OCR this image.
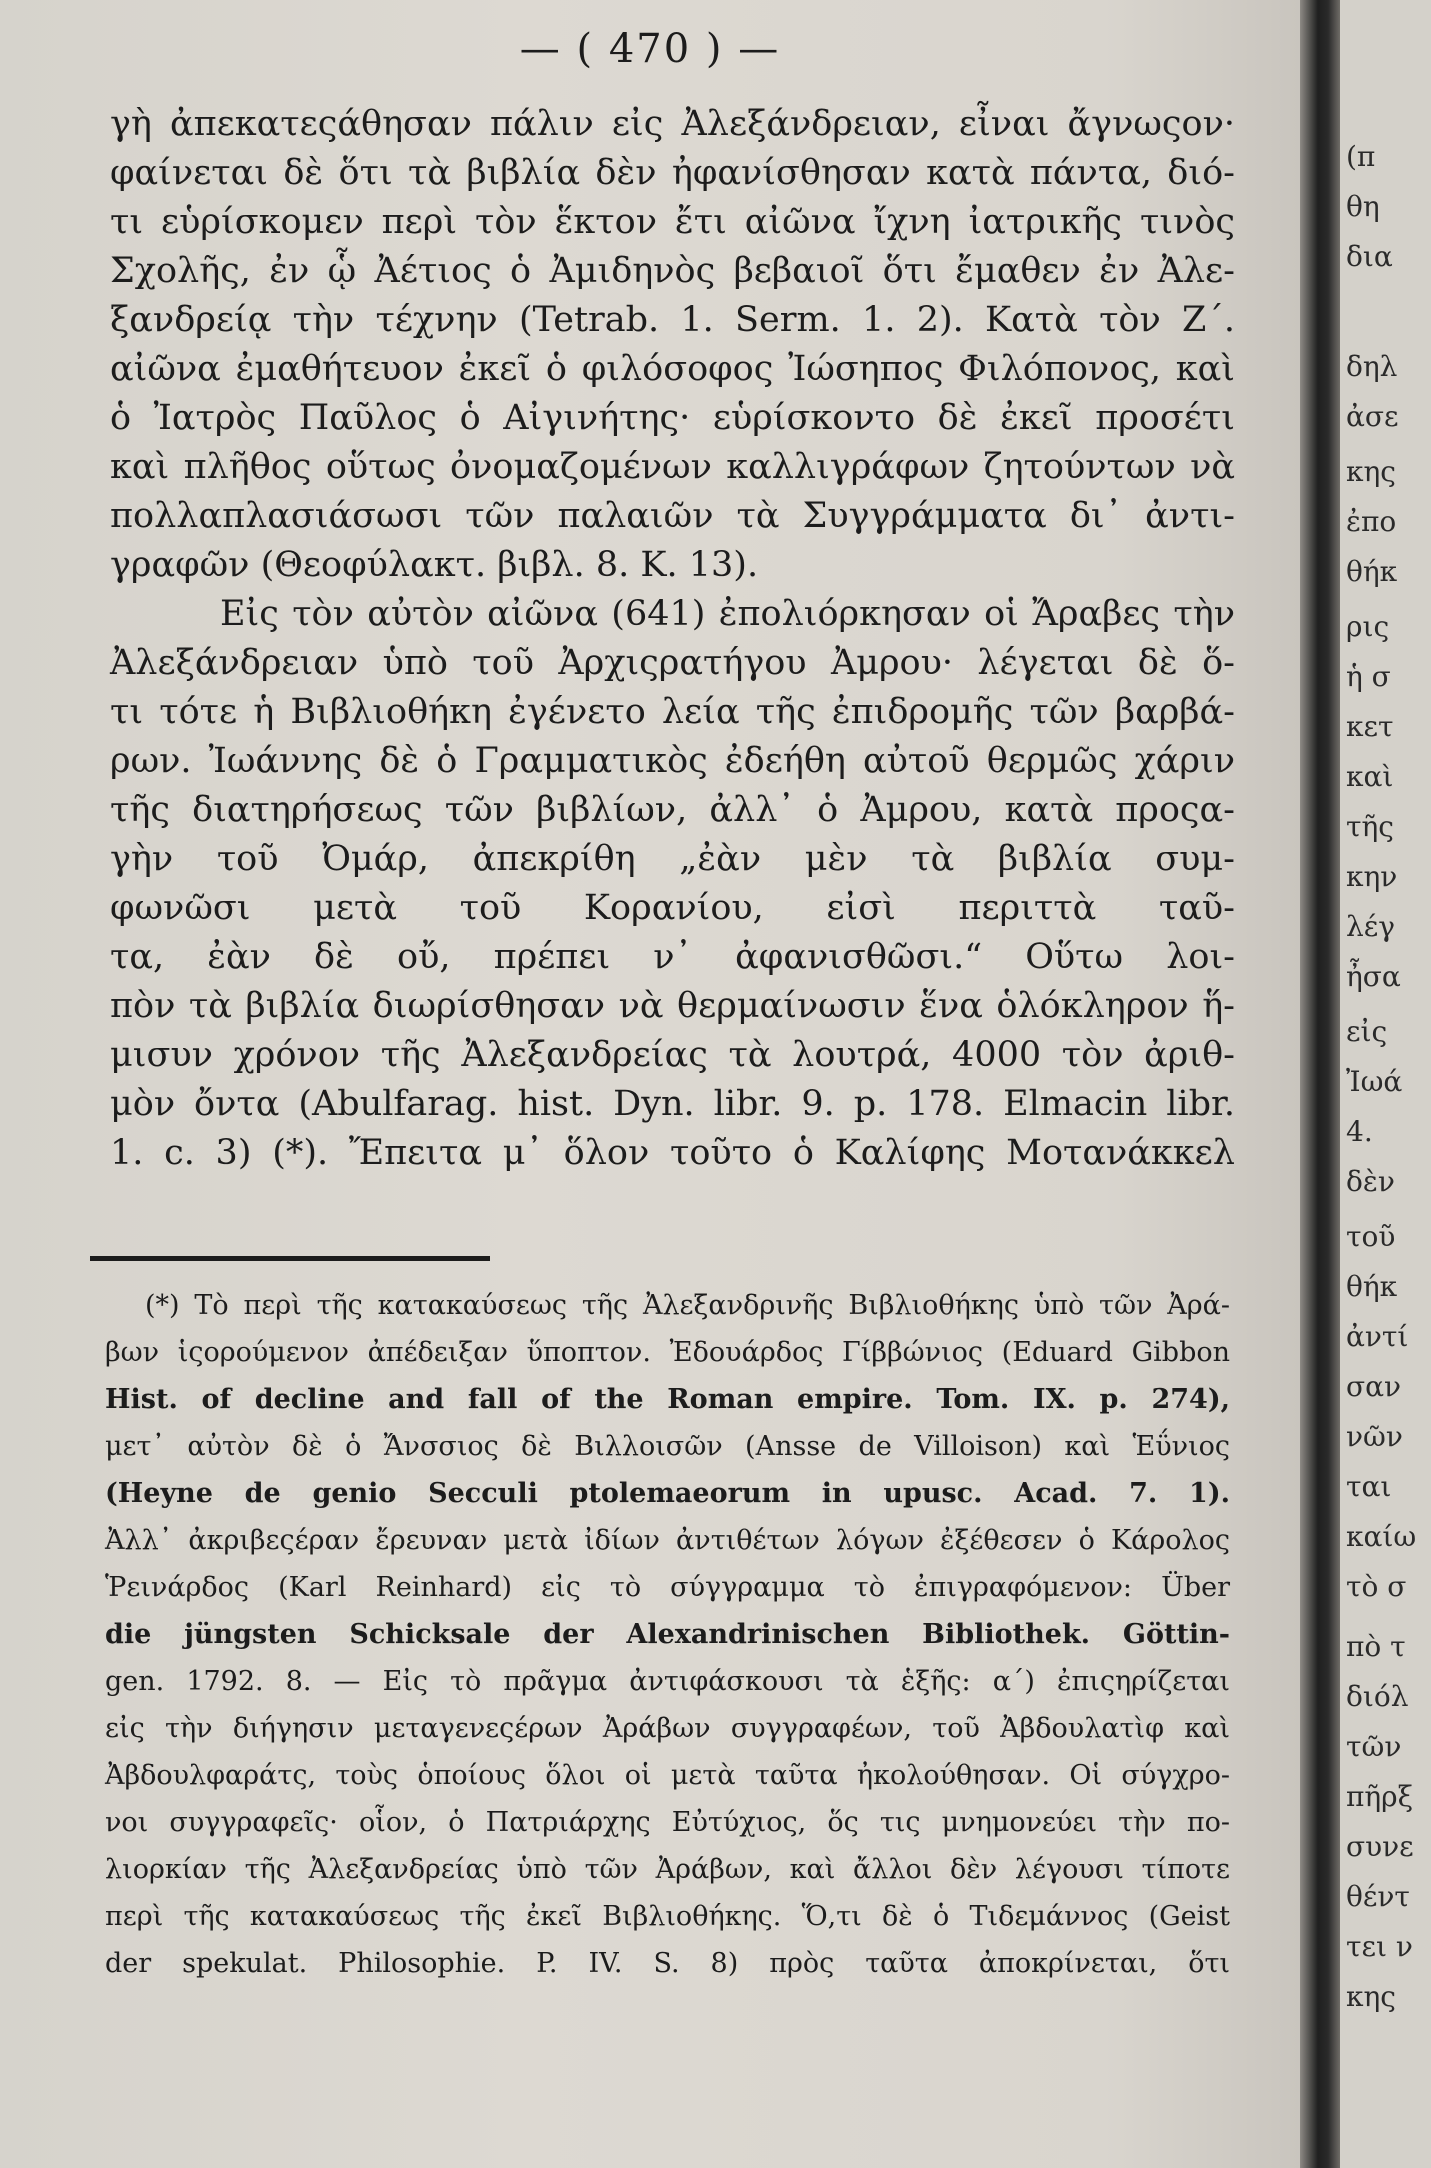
— ( 470 ) —
γὴ ἀπεκατεςάθησαν πάλιν εἰς Ἀλεξάνδρειαν, εἶναι ἄγνωςον·
φαίνεται δὲ ὅτι τὰ βιβλία δὲν ἠφανίσθησαν κατὰ πάντα, διό-
τι εὑρίσκομεν περὶ τὸν ἕκτον ἔτι αἰῶνα ἴχνη ἰατρικῆς τινὸς
Σχολῆς, ἐν ᾧ Ἀέτιος ὁ Ἀμιδηνὸς βεβαιοῖ ὅτι ἔμαθεν ἐν Ἀλε-
ξανδρείᾳ τὴν τέχνην (Tetrab. 1. Serm. 1. 2). Κατὰ τὸν Ζ´.
αἰῶνα ἐμαθήτευον ἐκεῖ ὁ φιλόσοφος Ἰώσηπος Φιλόπονος, καὶ
ὁ Ἰατρὸς Παῦλος ὁ Αἰγινήτης· εὑρίσκοντο δὲ ἐκεῖ προσέτι
καὶ πλῆθος οὕτως ὀνομαζομένων καλλιγράφων ζητούντων νὰ
πολλαπλασιάσωσι τῶν παλαιῶν τὰ Συγγράμματα δι᾽ ἀντι-
γραφῶν (Θεοφύλακτ. βιβλ. 8. Κ. 13).
Εἰς τὸν αὐτὸν αἰῶνα (641) ἐπολιόρκησαν οἱ Ἄραβες τὴν
Ἀλεξάνδρειαν ὑπὸ τοῦ Ἀρχιςρατήγου Ἀμρου· λέγεται δὲ ὅ-
τι τότε ἡ Βιβλιοθήκη ἐγένετο λεία τῆς ἐπιδρομῆς τῶν βαρβά-
ρων. Ἰωάννης δὲ ὁ Γραμματικὸς ἐδεήθη αὐτοῦ θερμῶς χάριν
τῆς διατηρήσεως τῶν βιβλίων, ἀλλ᾽ ὁ Ἀμρου, κατὰ προςα-
γὴν τοῦ Ὀμάρ, ἀπεκρίθη „ἐὰν μὲν τὰ βιβλία συμ-
φωνῶσι μετὰ τοῦ Κορανίου, εἰσὶ περιττὰ ταῦ-
τα, ἐὰν δὲ οὔ, πρέπει ν᾽ ἀφανισθῶσι.“ Οὕτω λοι-
πὸν τὰ βιβλία διωρίσθησαν νὰ θερμαίνωσιν ἕνα ὁλόκληρον ἥ-
μισυν χρόνον τῆς Ἀλεξανδρείας τὰ λουτρά, 4000 τὸν ἀριθ-
μὸν ὄντα (Abulfarag. hist. Dyn. libr. 9. p. 178. Elmacin libr.
1. c. 3) (*). Ἔπειτα μ᾽ ὅλον τοῦτο ὁ Καλίφης Μοτανάκκελ
(*) Τὸ περὶ τῆς κατακαύσεως τῆς Ἀλεξανδρινῆς Βιβλιοθήκης ὑπὸ τῶν Ἀρά-
βων ἱςορούμενον ἀπέδειξαν ὕποπτον. Ἐδουάρδος Γίββώνιος (Eduard Gibbon
Hist. of decline and fall of the Roman empire. Tom. IX. p. 274),
μετ᾽ αὐτὸν δὲ ὁ Ἄνσσιος δὲ Βιλλοισῶν (Ansse de Villoison) καὶ Ἑΰνιος
(Heyne de genio Secculi ptolemaeorum in upusc. Acad. 7. 1).
Ἀλλ᾽ ἀκριβεςέραν ἔρευναν μετὰ ἰδίων ἀντιθέτων λόγων ἐξέθεσεν ὁ Κάρολος
Ῥεινάρδος (Karl Reinhard) εἰς τὸ σύγγραμμα τὸ ἐπιγραφόμενον: Über
die jüngsten Schicksale der Alexandrinischen Bibliothek. Göttin-
gen. 1792. 8. — Εἰς τὸ πρᾶγμα ἀντιφάσκουσι τὰ ἑξῆς: α´) ἐπιςηρίζεται
εἰς τὴν διήγησιν μεταγενεςέρων Ἀράβων συγγραφέων, τοῦ Ἀβδουλατὶφ καὶ
Ἀβδουλφαράτς, τοὺς ὁποίους ὅλοι οἱ μετὰ ταῦτα ἠκολούθησαν. Οἱ σύγχρο-
νοι συγγραφεῖς· οἷον, ὁ Πατριάρχης Εὐτύχιος, ὅς τις μνημονεύει τὴν πο-
λιορκίαν τῆς Ἀλεξανδρείας ὑπὸ τῶν Ἀράβων, καὶ ἄλλοι δὲν λέγουσι τίποτε
περὶ τῆς κατακαύσεως τῆς ἐκεῖ Βιβλιοθήκης. Ὅ,τι δὲ ὁ Τιδεμάννος (Geist
der spekulat. Philosophie. P. IV. S. 8) πρὸς ταῦτα ἀποκρίνεται, ὅτι
(π
θη
δια
δηλ
ἀσε
κης
ἐπο
θήκ
ρις
ἡ σ
κετ
καὶ
τῆς
κην
λέγ
ἦσα
εἰς
Ἰωά
4.
δὲν
τοῦ
θήκ
ἀντί
σαν
νῶν
ται
καίω
τὸ σ
πὸ τ
διόλ
τῶν
πῆρξ
συνε
θέντ
τει ν
κης
